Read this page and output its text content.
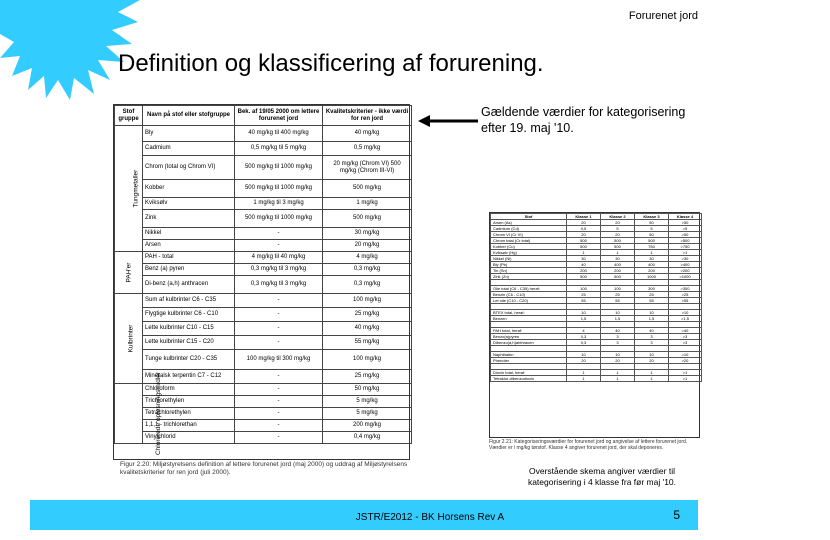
Forurenet jord
Definition og klassificering af forurening.
Gældende værdier for kategorisering efter 19. maj '10.
Stof gruppe	Navn på stof eller stofgruppe	Bek. af 19/05 2000 om lettere forurenet jord	Kvalitetskriterier - ikke værdi for ren jord
Tungmetaller	Bly	40 mg/kg til 400 mg/kg	40 mg/kg
	Cadmium	0,5 mg/kg til 5 mg/kg	0,5 mg/kg
	Chrom (total og Chrom VI)	500 mg/kg til 1000 mg/kg	20 mg/kg (Chrom VI) 500 mg/kg (Chrom III-VI)
	Kobber	500 mg/kg til 1000 mg/kg	500 mg/kg
	Kviksølv	1 mg/kg til 3 mg/kg	1 mg/kg
	Zink	500 mg/kg til 1000 mg/kg	500 mg/kg
	Nikkel	-	30 mg/kg
	Arsen	-	20 mg/kg
PAH'er	PAH - total	4 mg/kg til 40 mg/kg	4 mg/kg
	Benz (a) pyren	0,3 mg/kg til 3 mg/kg	0,3 mg/kg
	Di-benz (a,h) anthracen	0,3 mg/kg til 3 mg/kg	0,3 mg/kg
Kulbrinter	Sum af kulbrinter C6 - C35	-	100 mg/kg
	Flygtige kulbrinter C6 - C10	-	25 mg/kg
	Lette kulbrinter C10 - C15	-	40 mg/kg
	Lette kulbrinter C15 - C20	-	55 mg/kg
	Tunge kulbrinter C20 - C35	100 mg/kg til 300 mg/kg	100 mg/kg
	Mineralsk terpentin C7 - C12	-	25 mg/kg
Chlorerede opløsningsmidler	Chloroform	-	50 mg/kg
	Trichlorethylen	-	5 mg/kg
	Tetrachlorethylen	-	5 mg/kg
	1,1,1 - trichlorethan	-	200 mg/kg
	Vinylchlorid	-	0,4 mg/kg
Figur 2.20: Miljøstyrelsens definition af lettere forurenet jord (maj 2000) og uddrag af Miljøstyrelsens kvalitetskriterier for ren jord (juli 2000).
Stof	Klasse 1	Klasse 2	Klasse 3	Klasse 4
Arsen (As)	20	20	50	>50
Cadmium (Cd)	0,5	5	5	>5
Chrom VI (Cr VI)	20	20	50	>50
Chrom total (Cr total)	500	500	500	>500
Kobber (Cu)	500	500	750	>750
Kviksølv (Hg)	1	1	1	>1
Nikkel (Ni)	30	30	30	>30
Bly (Pb)	40	400	400	>400
Tin (Sn)	200	200	200	>200
Zink (Zn)	500	500	1000	>1000

Olie total (C6 - C35) heraf:	100	100	300	>300
Benzin (C6 - C10)	25	25	25	>25
Let olie (C10 - C20)	55	55	55	>55

BTEX total, heraf:	10	10	10	>10
Benzen	1,5	1,5	1,5	>1,5

PAH total, heraf:	4	40	40	>40
Benzo(a)pyren	0,3	3	3	>3
Dibenzo(a,h)anthracen	0,3	3	3	>3

Naphthalen	10	10	10	>10
Phenoler	20	20	20	>20

Dioxin total, heraf:	1	1	1	>1
Tetraklor-dibenzodioxin	1	1	1	>1
Figur 2.21: Kategoriseringsværdier for forurenet jord og angivelse af lettere forurenet jord. Værdier er i mg/kg tørstof. Klasse 4 angiver forurenet jord, der skal deponeres.
Overstående skema angiver værdier til kategorisering i 4 klasse fra før maj '10.
JSTR/E2012 - BK Horsens Rev A	5
